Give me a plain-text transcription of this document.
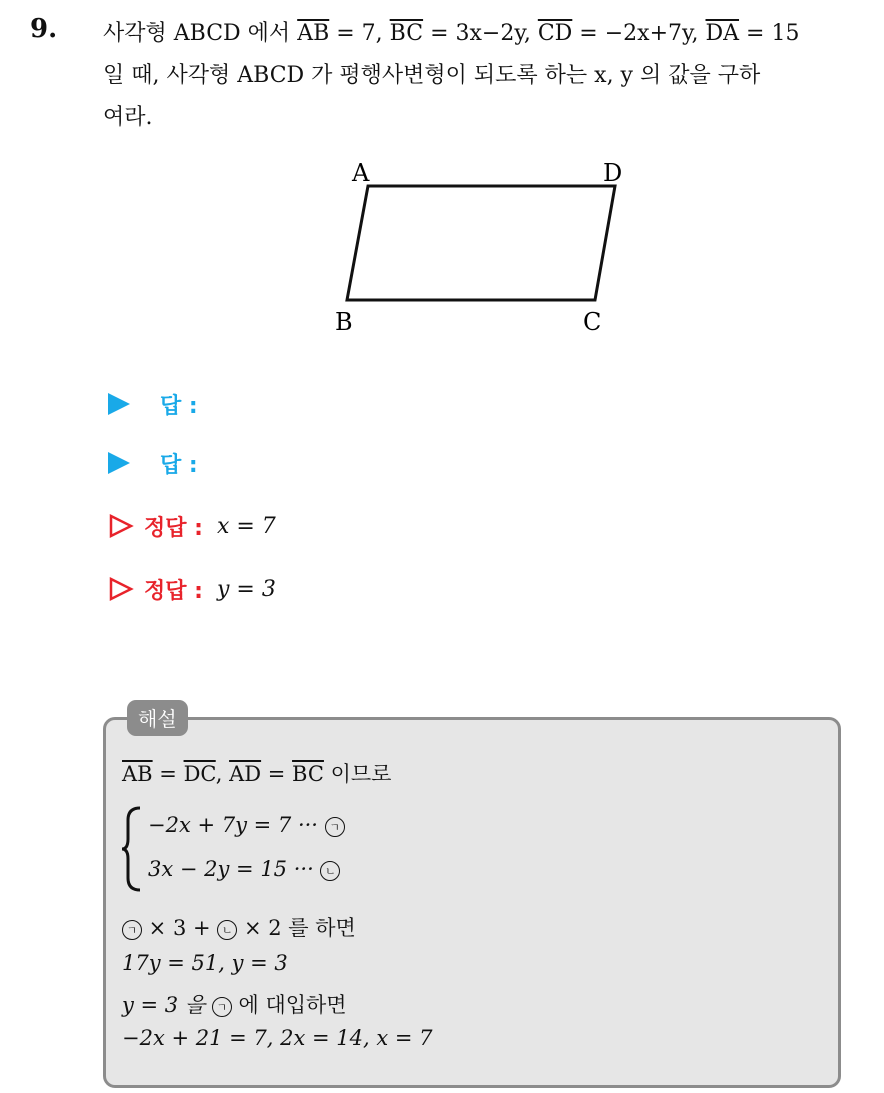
9. 사각형 ABCD 에서 $\overline{AB} = 7$, $\overline{BC} = 3x-2y$, $\overline{CD} = -2x+7y$, $\overline{DA} = 15$
일 때, 사각형 ABCD 가 평행사변형이 되도록 하는 x, y 의 값을 구하
여라.
A	D
B	C
답 :
답 :
정답 : x = 7
정답 : y = 3
해설
$\overline{AB} = \overline{DC}$, $\overline{AD} = \overline{BC}$ 이므로
−2x + 7y = 7 ··· ㄱ
3x − 2y = 15 ··· ㄴ
ㄱ × 3 + ㄴ × 2 를 하면
17y = 51, y = 3
y = 3 을 ㄱ 에 대입하면
−2x + 21 = 7, 2x = 14, x = 7
